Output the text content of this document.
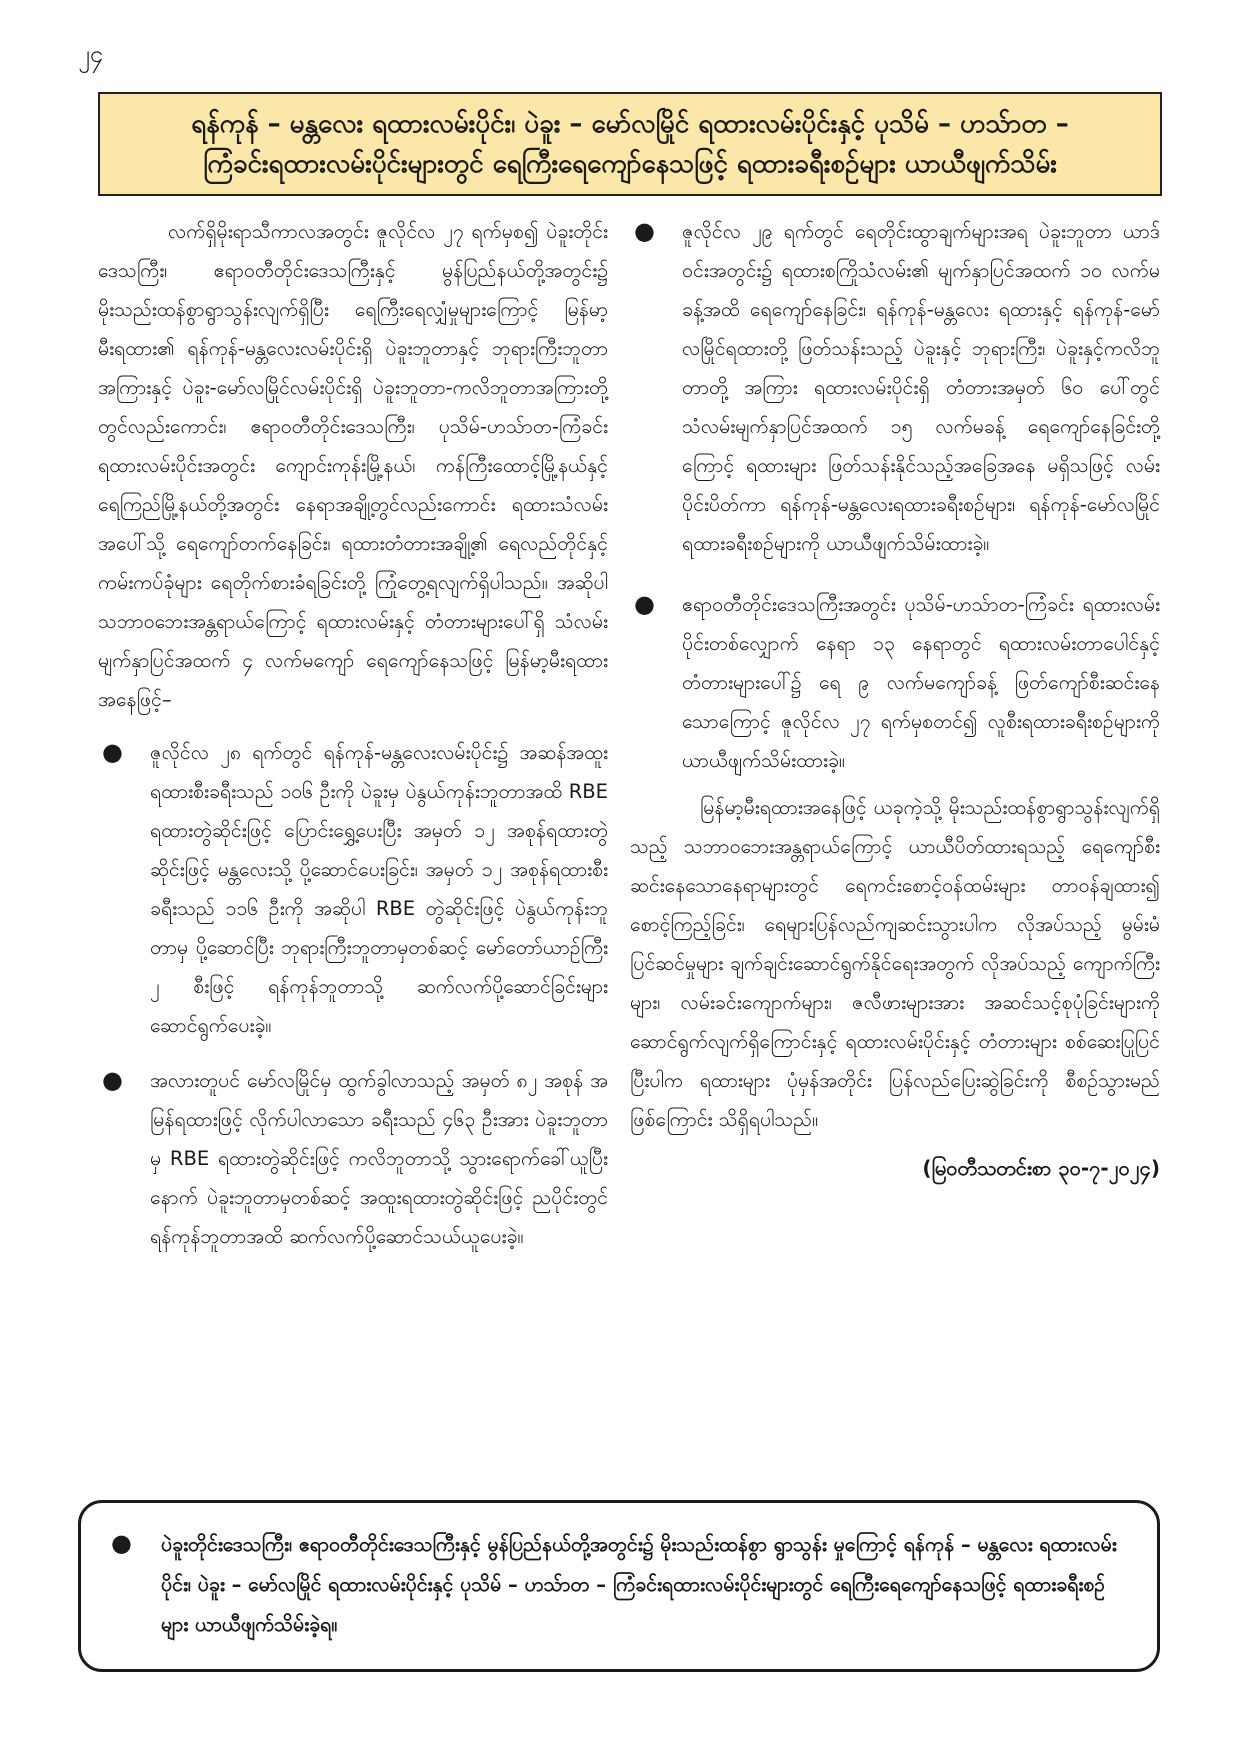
၂၄
ရန်ကုန် – မန္တလေး ရထားလမ်းပိုင်း၊ ပဲခူး – မော်လမြိုင် ရထားလမ်းပိုင်းနှင့် ပုသိမ် – ဟသ်ာတ –
ကြံခင်းရထားလမ်းပိုင်းများတွင် ရေကြီးရေကျော်နေသဖြင့် ရထားခရီးစဉ်များ ယာယီဖျက်သိမ်း

လက်ရှိမိုးရာသီကာလအတွင်း ဇူလိုင်လ ၂၇ ရက်မှစ၍ ပဲခူးတိုင်းဒေသကြီး၊ ဧရာဝတီတိုင်းဒေသကြီးနှင့် မွန်ပြည်နယ်တို့အတွင်း၌ မိုးသည်းထန်စွာရွာသွန်းလျက်ရှိပြီး ရေကြီးရေလျှံမှုများကြောင့် မြန်မာ့မီးရထား၏ ရန်ကုန်-မန္တလေးလမ်းပိုင်းရှိ ပဲခူးဘူတာနှင့် ဘုရားကြီးဘူတာအကြားနှင့် ပဲခူး-မော်လမြိုင်လမ်းပိုင်းရှိ ပဲခူးဘူတာ-ကလိဘူတာအကြားတို့တွင်လည်းကောင်း၊ ဧရာဝတီတိုင်းဒေသကြီး၊ ပုသိမ်-ဟသ်ာတ-ကြံခင်းရထားလမ်းပိုင်းအတွင်း ကျောင်းကုန်းမြို့နယ်၊ ကန်ကြီးထောင့်မြို့နယ်နှင့် ရေကြည်မြို့နယ်တို့အတွင်း နေရာအချို့တွင်လည်းကောင်း ရထားသံလမ်းအပေါ်သို့ ရေကျော်တက်နေခြင်း၊ ရထားတံတားအချို့၏ ရေလည်တိုင်နှင့် ကမ်းကပ်ခုံများ ရေတိုက်စားခံရခြင်းတို့ ကြုံတွေ့ရလျက်ရှိပါသည်။ အဆိုပါသဘာဝဘေးအန္တရာယ်ကြောင့် ရထားလမ်းနှင့် တံတားများပေါ်ရှိ သံလမ်းမျက်နှာပြင်အထက် ၄ လက်မကျော် ရေကျော်နေသဖြင့် မြန်မာ့မီးရထားအနေဖြင့်–

● ဇူလိုင်လ ၂၈ ရက်တွင် ရန်ကုန်-မန္တလေးလမ်းပိုင်း၌ အဆန်အထူးရထားစီးခရီးသည် ၁၀၆ ဦးကို ပဲခူးမှ ပဲနွယ်ကုန်းဘူတာအထိ RBE ရထားတွဲဆိုင်းဖြင့် ပြောင်းရွှေ့ပေးပြီး အမှတ် ၁၂ အစုန်ရထားတွဲဆိုင်းဖြင့် မန္တလေးသို့ ပို့ဆောင်ပေးခြင်း၊ အမှတ် ၁၂ အစုန်ရထားစီးခရီးသည် ၁၁၆ ဦးကို အဆိုပါ RBE တွဲဆိုင်းဖြင့် ပဲနွယ်ကုန်းဘူတာမှ ပို့ဆောင်ပြီး ဘုရားကြီးဘူတာမှတစ်ဆင့် မော်တော်ယာဉ်ကြီး ၂ စီးဖြင့် ရန်ကုန်ဘူတာသို့ ဆက်လက်ပို့ဆောင်ခြင်းများ ဆောင်ရွက်ပေးခဲ့။
● အလားတူပင် မော်လမြိုင်မှ ထွက်ခွါလာသည့် အမှတ် ၈၂ အစုန် အမြန်ရထားဖြင့် လိုက်ပါလာသော ခရီးသည် ၄၆၃ ဦးအား ပဲခူးဘူတာမှ RBE ရထားတွဲဆိုင်းဖြင့် ကလိဘူတာသို့ သွားရောက်ခေါ်ယူပြီးနောက် ပဲခူးဘူတာမှတစ်ဆင့် အထူးရထားတွဲဆိုင်းဖြင့် ညပိုင်းတွင် ရန်ကုန်ဘူတာအထိ ဆက်လက်ပို့ဆောင်သယ်ယူပေးခဲ့။
● ဇူလိုင်လ ၂၉ ရက်တွင် ရေတိုင်းထွာချက်များအရ ပဲခူးဘူတာ ယာဒ်ဝင်းအတွင်း၌ ရထားစကြိုသံလမ်း၏ မျက်နှာပြင်အထက် ၁၀ လက်မခန့်အထိ ရေကျော်နေခြင်း၊ ရန်ကုန်-မန္တလေး ရထားနှင့် ရန်ကုန်-မော်လမြိုင်ရထားတို့ ဖြတ်သန်းသည့် ပဲခူးနှင့် ဘုရားကြီး၊ ပဲခူးနှင့်ကလိဘူတာတို့ အကြား ရထားလမ်းပိုင်းရှိ တံတားအမှတ် ၆၀ ပေါ်တွင် သံလမ်းမျက်နှာပြင်အထက် ၁၅ လက်မခန့် ရေကျော်နေခြင်းတို့ကြောင့် ရထားများ ဖြတ်သန်းနိုင်သည့်အခြေအနေ မရှိသဖြင့် လမ်းပိုင်းပိတ်ကာ ရန်ကုန်-မန္တလေးရထားခရီးစဉ်များ၊ ရန်ကုန်-မော်လမြိုင်ရထားခရီးစဉ်များကို ယာယီဖျက်သိမ်းထားခဲ့။
● ဧရာဝတီတိုင်းဒေသကြီးအတွင်း ပုသိမ်-ဟသ်ာတ-ကြံခင်း ရထားလမ်းပိုင်းတစ်လျှောက် နေရာ ၁၃ နေရာတွင် ရထားလမ်းတာပေါင်နှင့် တံတားများပေါ်၌ ရေ ၉ လက်မကျော်ခန့် ဖြတ်ကျော်စီးဆင်းနေသောကြောင့် ဇူလိုင်လ ၂၇ ရက်မှစတင်၍ လူစီးရထားခရီးစဉ်များကို ယာယီဖျက်သိမ်းထားခဲ့။

မြန်မာ့မီးရထားအနေဖြင့် ယခုကဲ့သို့ မိုးသည်းထန်စွာရွာသွန်းလျက်ရှိသည့် သဘာဝဘေးအန္တရာယ်ကြောင့် ယာယီပိတ်ထားရသည့် ရေကျော်စီးဆင်းနေသောနေရာများတွင် ရေကင်းစောင့်ဝန်ထမ်းများ တာဝန်ချထား၍ စောင့်ကြည့်ခြင်း၊ ရေများပြန်လည်ကျဆင်းသွားပါက လိုအပ်သည့် မွမ်းမံပြင်ဆင်မှုများ ချက်ချင်းဆောင်ရွက်နိုင်ရေးအတွက် လိုအပ်သည့် ကျောက်ကြီးများ၊ လမ်းခင်းကျောက်များ၊ ဇလီဖားများအား အဆင်သင့်စုပုံခြင်းများကို ဆောင်ရွက်လျက်ရှိကြောင်းနှင့် ရထားလမ်းပိုင်းနှင့် တံတားများ စစ်ဆေးပြုပြင်ပြီးပါက ရထားများ ပုံမှန်အတိုင်း ပြန်လည်ပြေးဆွဲခြင်းကို စီစဉ်သွားမည်ဖြစ်ကြောင်း သိရှိရပါသည်။

(မြဝတီသတင်းစာ ၃၀-၇-၂၀၂၄)

● ပဲခူးတိုင်းဒေသကြီး၊ ဧရာဝတီတိုင်းဒေသကြီးနှင့် မွန်ပြည်နယ်တို့အတွင်း၌ မိုးသည်းထန်စွာ ရွာသွန်း မှုကြောင့် ရန်ကုန် – မန္တလေး ရထားလမ်းပိုင်း၊ ပဲခူး – မော်လမြိုင် ရထားလမ်းပိုင်းနှင့် ပုသိမ် – ဟသ်ာတ – ကြံခင်းရထားလမ်းပိုင်းများတွင် ရေကြီးရေကျော်နေသဖြင့် ရထားခရီးစဉ်များ ယာယီဖျက်သိမ်းခဲ့ရ။
